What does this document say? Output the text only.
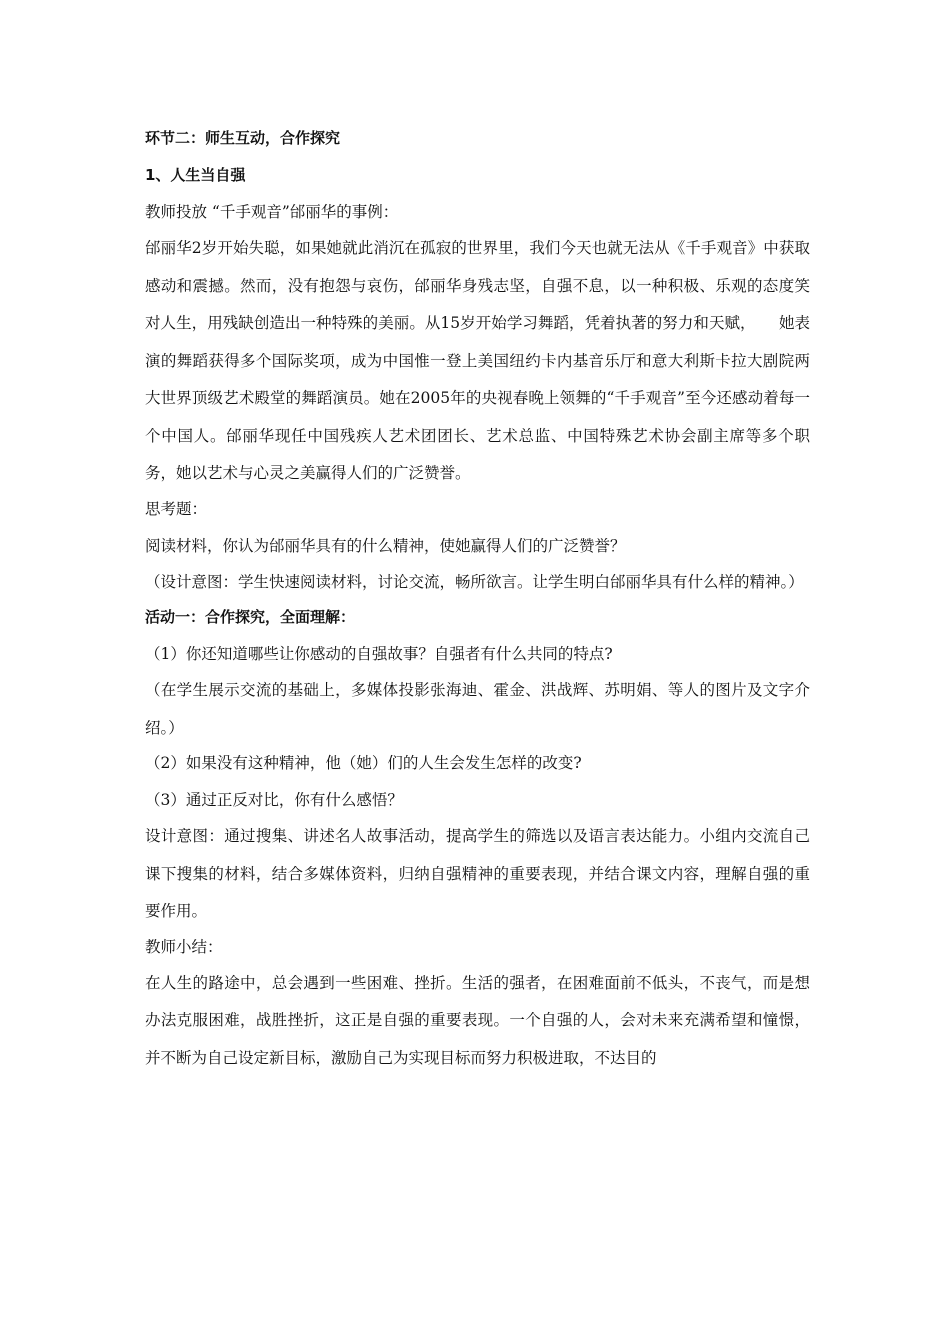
环节二：师生互动，合作探究

1、人生当自强

教师投放 “千手观音”邰丽华的事例：

邰丽华2岁开始失聪，如果她就此消沉在孤寂的世界里，我们今天也就无法从《千手观音》中获取感动和震撼。然而，没有抱怨与哀伤，邰丽华身残志坚，自强不息，以一种积极、乐观的态度笑对人生，用残缺创造出一种特殊的美丽。从15岁开始学习舞蹈，凭着执著的努力和天赋，　　她表演的舞蹈获得多个国际奖项，成为中国惟一登上美国纽约卡内基音乐厅和意大利斯卡拉大剧院两大世界顶级艺术殿堂的舞蹈演员。她在2005年的央视春晚上领舞的“千手观音”至今还感动着每一个中国人。邰丽华现任中国残疾人艺术团团长、艺术总监、中国特殊艺术协会副主席等多个职务，她以艺术与心灵之美赢得人们的广泛赞誉。

思考题：

阅读材料，你认为邰丽华具有的什么精神，使她赢得人们的广泛赞誉？

（设计意图：学生快速阅读材料，讨论交流，畅所欲言。让学生明白邰丽华具有什么样的精神。）

活动一：合作探究，全面理解：

（1）你还知道哪些让你感动的自强故事？自强者有什么共同的特点?

（在学生展示交流的基础上，多媒体投影张海迪、霍金、洪战辉、苏明娟、等人的图片及文字介绍。）

（2）如果没有这种精神，他（她）们的人生会发生怎样的改变?

（3）通过正反对比，你有什么感悟？

设计意图：通过搜集、讲述名人故事活动，提高学生的筛选以及语言表达能力。小组内交流自己课下搜集的材料，结合多媒体资料，归纳自强精神的重要表现，并结合课文内容，理解自强的重要作用。

教师小结：

在人生的路途中，总会遇到一些困难、挫折。生活的强者，在困难面前不低头，不丧气，而是想办法克服困难，战胜挫折，这正是自强的重要表现。一个自强的人，会对未来充满希望和憧憬，并不断为自己设定新目标，激励自己为实现目标而努力积极进取，不达目的
